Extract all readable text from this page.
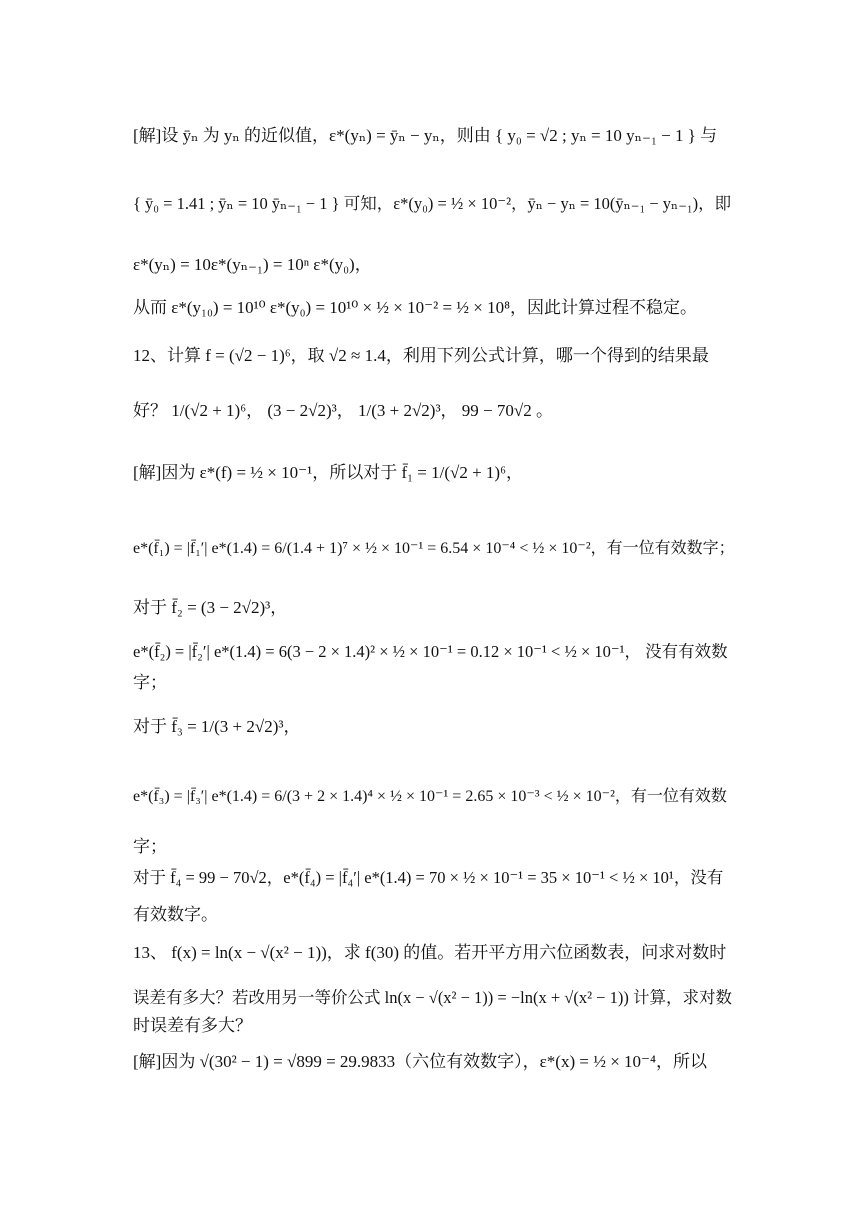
[解]设 ȳₙ 为 yₙ 的近似值，ε*(yₙ) = ȳₙ − yₙ，则由 { y₀ = √2 ; yₙ = 10 yₙ₋₁ − 1 } 与
{ ȳ₀ = 1.41 ; ȳₙ = 10 ȳₙ₋₁ − 1 } 可知，ε*(y₀) = ½ × 10⁻²，ȳₙ − yₙ = 10(ȳₙ₋₁ − yₙ₋₁)，即
ε*(yₙ) = 10ε*(yₙ₋₁) = 10ⁿ ε*(y₀)，
从而 ε*(y₁₀) = 10¹⁰ ε*(y₀) = 10¹⁰ × ½ × 10⁻² = ½ × 10⁸，因此计算过程不稳定。
12、计算 f = (√2 − 1)⁶，取 √2 ≈ 1.4，利用下列公式计算，哪一个得到的结果最
好？ 1/(√2 + 1)⁶， (3 − 2√2)³， 1/(3 + 2√2)³， 99 − 70√2 。
[解]因为 ε*(f) = ½ × 10⁻¹，所以对于 f̄₁ = 1/(√2 + 1)⁶，
e*(f̄₁) = |f̄₁′| e*(1.4) = 6/(1.4 + 1)⁷ × ½ × 10⁻¹ = 6.54 × 10⁻⁴ < ½ × 10⁻²，有一位有效数字；
对于 f̄₂ = (3 − 2√2)³，
e*(f̄₂) = |f̄₂′| e*(1.4) = 6(3 − 2 × 1.4)² × ½ × 10⁻¹ = 0.12 × 10⁻¹ < ½ × 10⁻¹， 没有有效数
字；
对于 f̄₃ = 1/(3 + 2√2)³，
e*(f̄₃) = |f̄₃′| e*(1.4) = 6/(3 + 2 × 1.4)⁴ × ½ × 10⁻¹ = 2.65 × 10⁻³ < ½ × 10⁻²，有一位有效数
字；
对于 f̄₄ = 99 − 70√2，e*(f̄₄) = |f̄₄′| e*(1.4) = 70 × ½ × 10⁻¹ = 35 × 10⁻¹ < ½ × 10¹，没有
有效数字。
13、 f(x) = ln(x − √(x² − 1))，求 f(30) 的值。若开平方用六位函数表，问求对数时
误差有多大？若改用另一等价公式 ln(x − √(x² − 1)) = −ln(x + √(x² − 1)) 计算，求对数
时误差有多大？
[解]因为 √(30² − 1) = √899 = 29.9833（六位有效数字），ε*(x) = ½ × 10⁻⁴，所以
